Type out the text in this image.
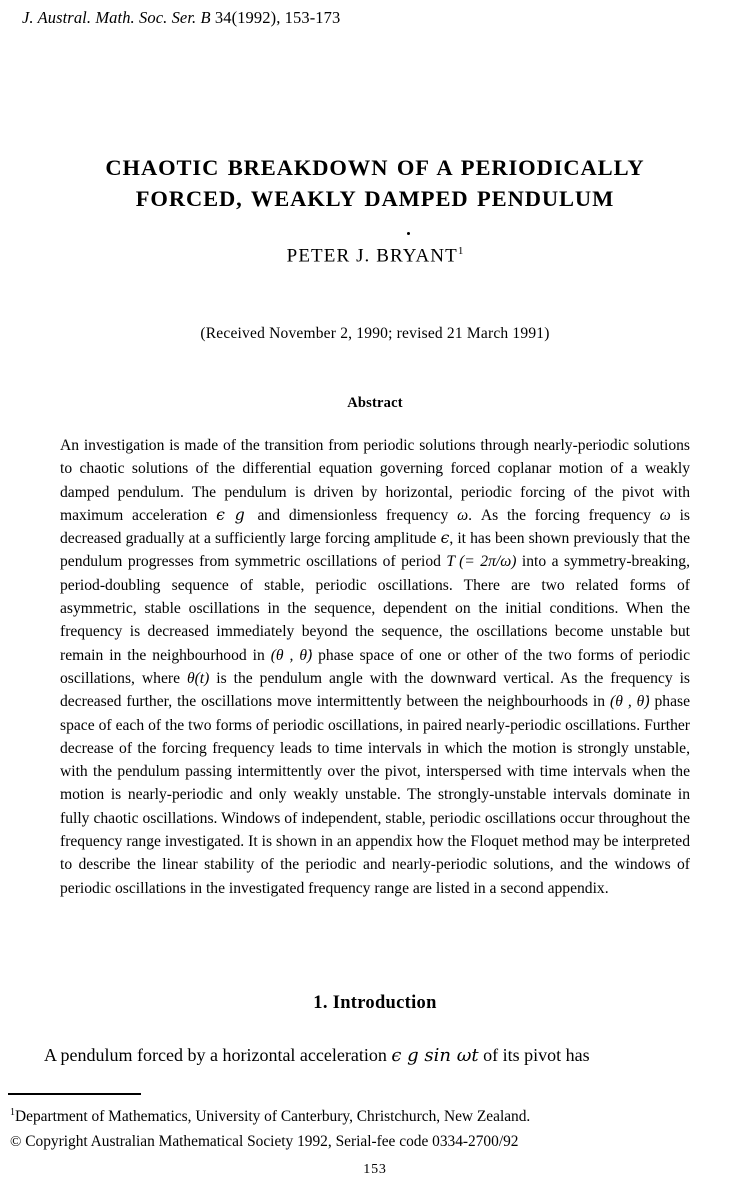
J. Austral. Math. Soc. Ser. B 34(1992), 153-173
CHAOTIC BREAKDOWN OF A PERIODICALLY
FORCED, WEAKLY DAMPED PENDULUM
PETER J. BRYANT$^1$
(Received November 2, 1990; revised 21 March 1991)
Abstract

An investigation is made of the transition from periodic solutions through nearly-periodic solutions to chaotic solutions of the differential equation governing forced coplanar motion of a weakly damped pendulum. The pendulum is driven by horizontal, periodic forcing of the pivot with maximum acceleration ϵ g and dimensionless frequency ω. As the forcing frequency ω is decreased gradually at a sufficiently large forcing amplitude ϵ, it has been shown previously that the pendulum progresses from symmetric oscillations of period T (= 2π/ω) into a symmetry-breaking, period-doubling sequence of stable, periodic oscillations. There are two related forms of asymmetric, stable oscillations in the sequence, dependent on the initial conditions. When the frequency is decreased immediately beyond the sequence, the oscillations become unstable but remain in the neighbourhood in (θ , θ̇) phase space of one or other of the two forms of periodic oscillations, where θ(t) is the pendulum angle with the downward vertical. As the frequency is decreased further, the oscillations move intermittently between the neighbourhoods in (θ , θ̇) phase space of each of the two forms of periodic oscillations, in paired nearly-periodic oscillations. Further decrease of the forcing frequency leads to time intervals in which the motion is strongly unstable, with the pendulum passing intermittently over the pivot, interspersed with time intervals when the motion is nearly-periodic and only weakly unstable. The strongly-unstable intervals dominate in fully chaotic oscillations. Windows of independent, stable, periodic oscillations occur throughout the frequency range investigated. It is shown in an appendix how the Floquet method may be interpreted to describe the linear stability of the periodic and nearly-periodic solutions, and the windows of periodic oscillations in the investigated frequency range are listed in a second appendix.

1. Introduction

A pendulum forced by a horizontal acceleration ϵ g sin ωt of its pivot has

$^1$Department of Mathematics, University of Canterbury, Christchurch, New Zealand.
© Copyright Australian Mathematical Society 1992, Serial-fee code 0334-2700/92
153
